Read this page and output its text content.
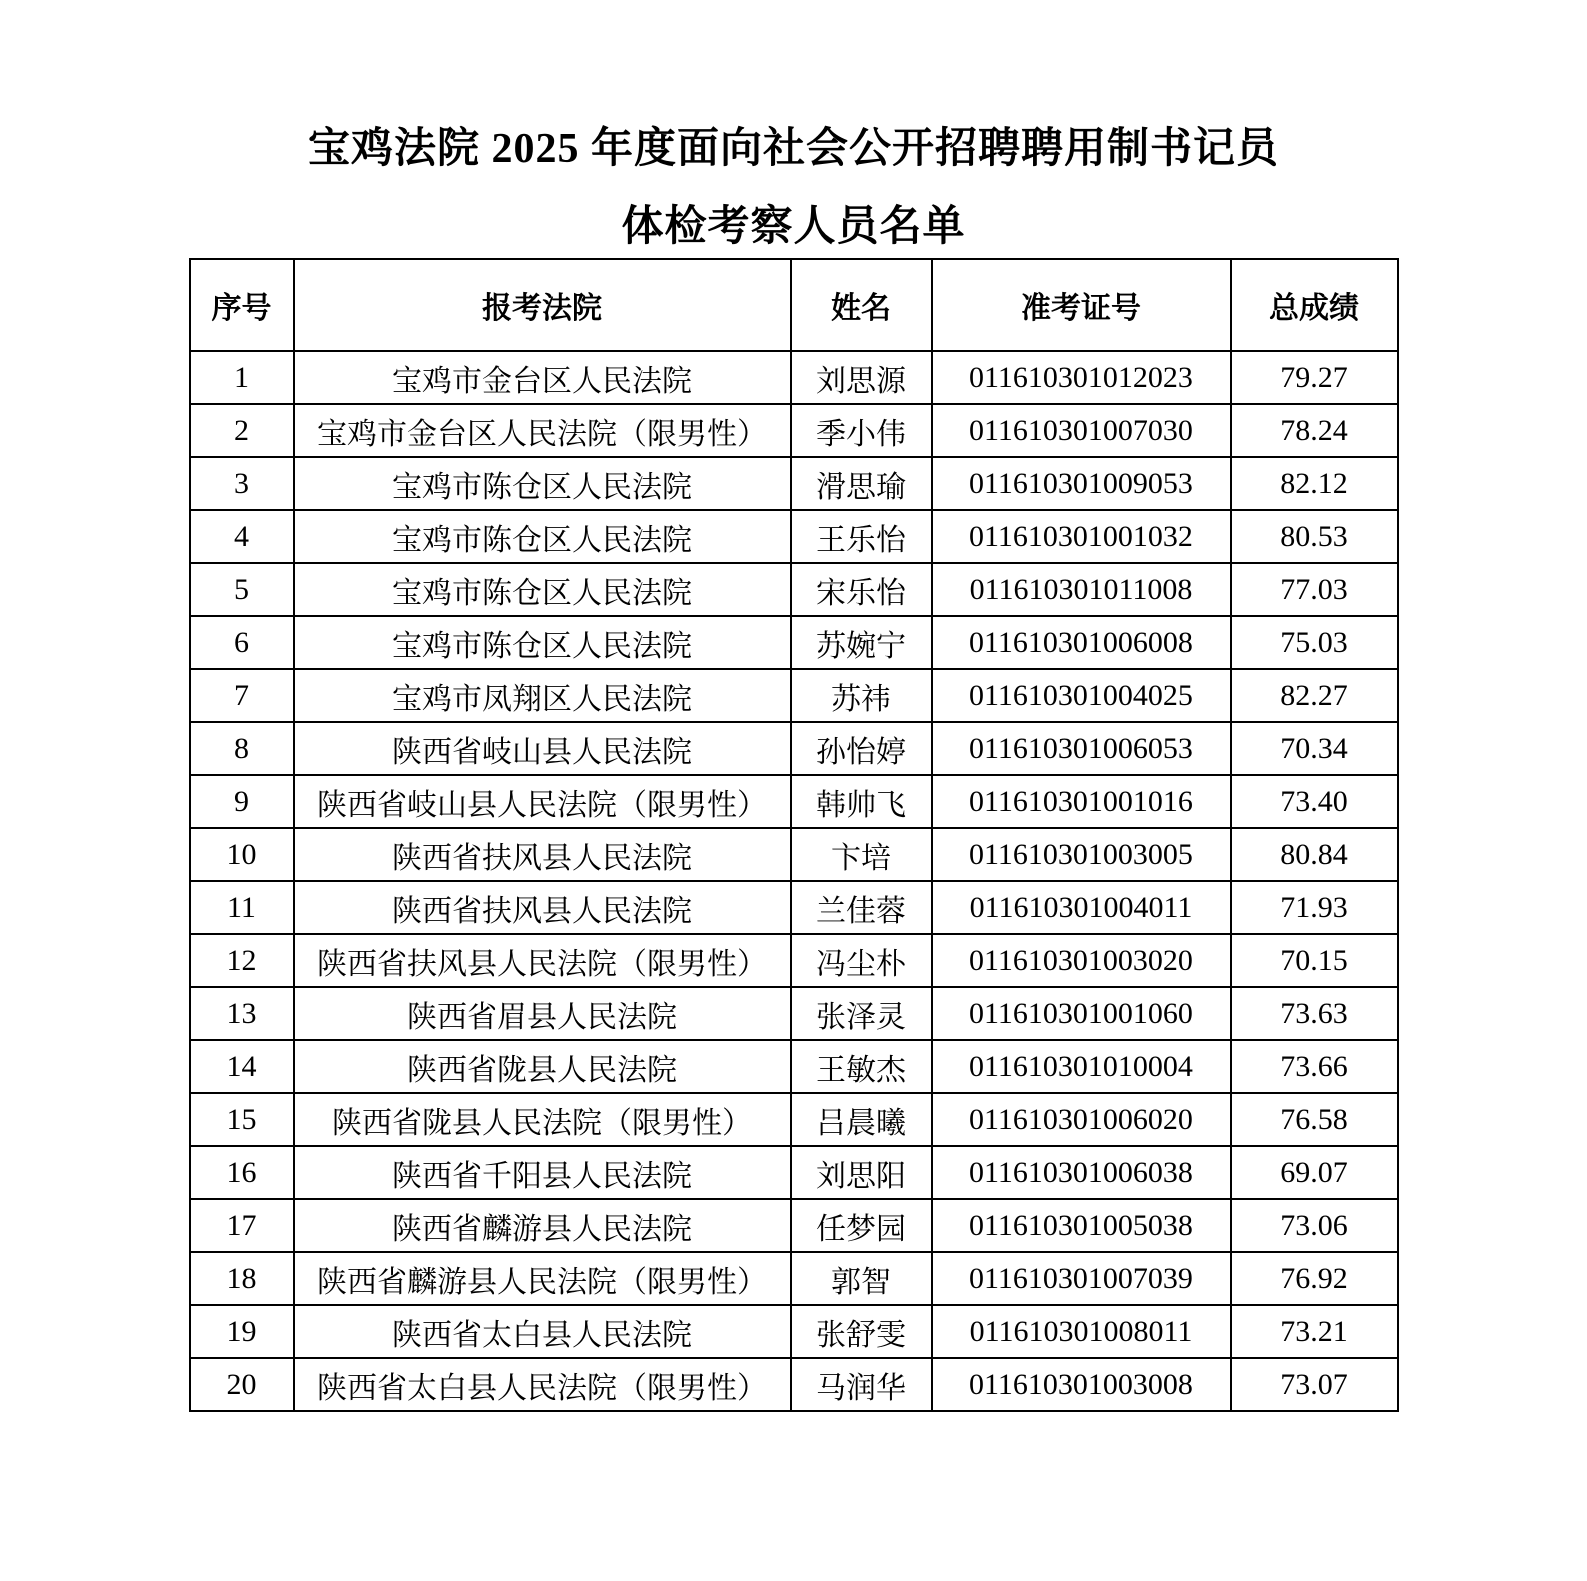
宝鸡法院 2025 年度面向社会公开招聘聘用制书记员
体检考察人员名单
序号	报考法院	姓名	准考证号	总成绩
1	宝鸡市金台区人民法院	刘思源	011610301012023	79.27
2	宝鸡市金台区人民法院（限男性）	季小伟	011610301007030	78.24
3	宝鸡市陈仓区人民法院	滑思瑜	011610301009053	82.12
4	宝鸡市陈仓区人民法院	王乐怡	011610301001032	80.53
5	宝鸡市陈仓区人民法院	宋乐怡	011610301011008	77.03
6	宝鸡市陈仓区人民法院	苏婉宁	011610301006008	75.03
7	宝鸡市凤翔区人民法院	苏祎	011610301004025	82.27
8	陕西省岐山县人民法院	孙怡婷	011610301006053	70.34
9	陕西省岐山县人民法院（限男性）	韩帅飞	011610301001016	73.40
10	陕西省扶风县人民法院	卞培	011610301003005	80.84
11	陕西省扶风县人民法院	兰佳蓉	011610301004011	71.93
12	陕西省扶风县人民法院（限男性）	冯尘朴	011610301003020	70.15
13	陕西省眉县人民法院	张泽灵	011610301001060	73.63
14	陕西省陇县人民法院	王敏杰	011610301010004	73.66
15	陕西省陇县人民法院（限男性）	吕晨曦	011610301006020	76.58
16	陕西省千阳县人民法院	刘思阳	011610301006038	69.07
17	陕西省麟游县人民法院	任梦园	011610301005038	73.06
18	陕西省麟游县人民法院（限男性）	郭智	011610301007039	76.92
19	陕西省太白县人民法院	张舒雯	011610301008011	73.21
20	陕西省太白县人民法院（限男性）	马润华	011610301003008	73.07
